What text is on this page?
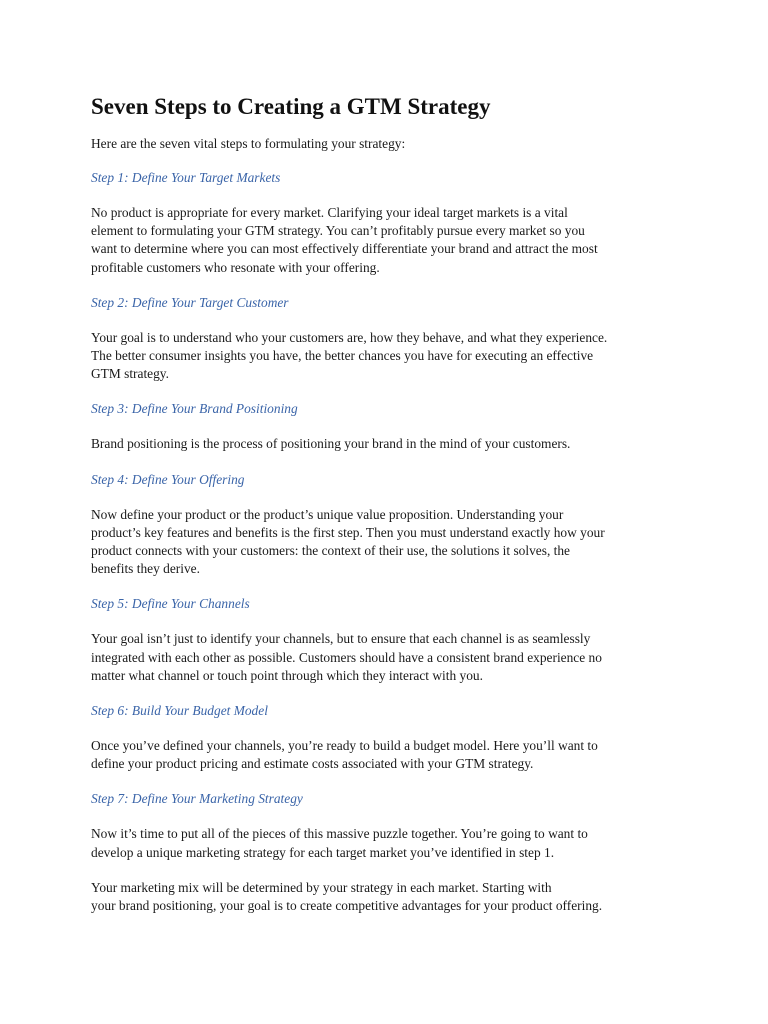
Seven Steps to Creating a GTM Strategy

Here are the seven vital steps to formulating your strategy:

Step 1: Define Your Target Markets

No product is appropriate for every market. Clarifying your ideal target markets is a vital
element to formulating your GTM strategy. You can’t profitably pursue every market so you
want to determine where you can most effectively differentiate your brand and attract the most
profitable customers who resonate with your offering.

Step 2: Define Your Target Customer

Your goal is to understand who your customers are, how they behave, and what they experience.
The better consumer insights you have, the better chances you have for executing an effective
GTM strategy.

Step 3: Define Your Brand Positioning

Brand positioning is the process of positioning your brand in the mind of your customers.

Step 4: Define Your Offering

Now define your product or the product’s unique value proposition. Understanding your
product’s key features and benefits is the first step. Then you must understand exactly how your
product connects with your customers: the context of their use, the solutions it solves, the
benefits they derive.

Step 5: Define Your Channels

Your goal isn’t just to identify your channels, but to ensure that each channel is as seamlessly
integrated with each other as possible. Customers should have a consistent brand experience no
matter what channel or touch point through which they interact with you.

Step 6: Build Your Budget Model

Once you’ve defined your channels, you’re ready to build a budget model. Here you’ll want to
define your product pricing and estimate costs associated with your GTM strategy.

Step 7: Define Your Marketing Strategy

Now it’s time to put all of the pieces of this massive puzzle together. You’re going to want to
develop a unique marketing strategy for each target market you’ve identified in step 1.

Your marketing mix will be determined by your strategy in each market. Starting with
your brand positioning, your goal is to create competitive advantages for your product offering.
